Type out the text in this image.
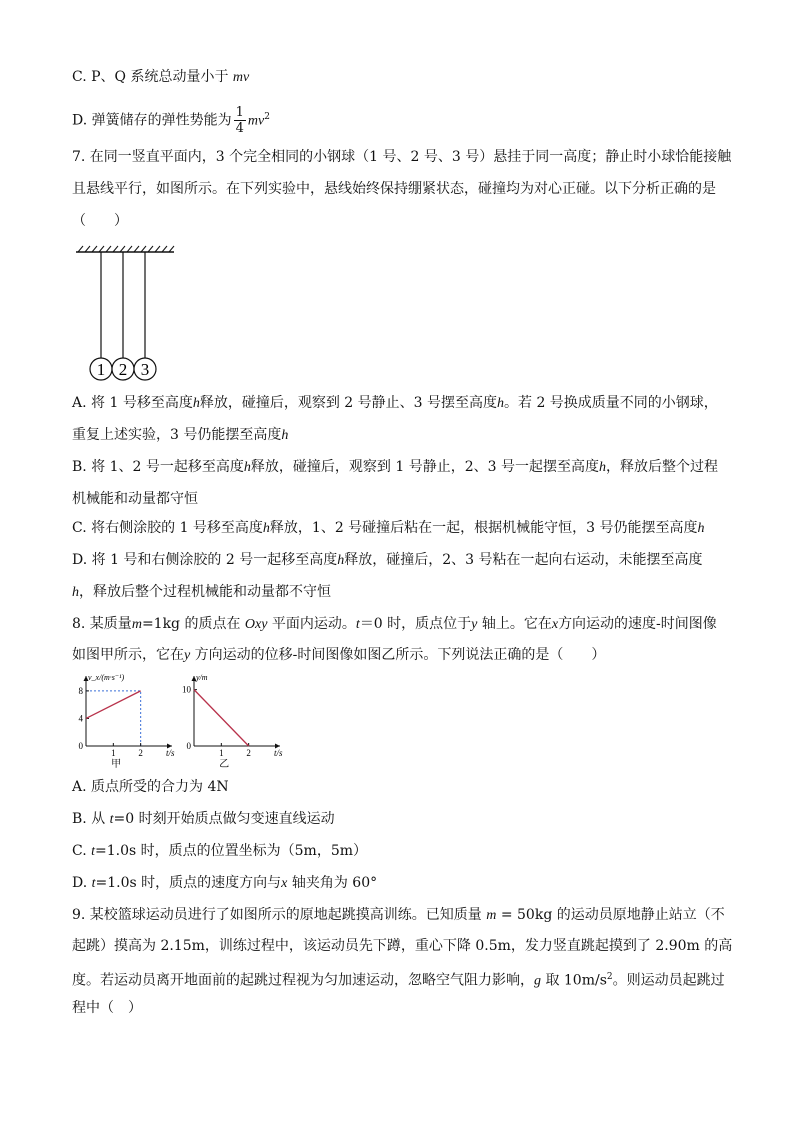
C. P、Q 系统总动量小于 mv
D. 弹簧储存的弹性势能为 $\frac{1}{4} mv^2$
7. 在同一竖直平面内，3 个完全相同的小钢球（1 号、2 号、3 号）悬挂于同一高度；静止时小球恰能接触
且悬线平行，如图所示。在下列实验中，悬线始终保持绷紧状态，碰撞均为对心正碰。以下分析正确的是
（　　）
1 2 3
A. 将 1 号移至高度h释放，碰撞后，观察到 2 号静止、3 号摆至高度h。若 2 号换成质量不同的小钢球，
重复上述实验，3 号仍能摆至高度h
B. 将 1、2 号一起移至高度h释放，碰撞后，观察到 1 号静止，2、3 号一起摆至高度h，释放后整个过程
机械能和动量都守恒
C. 将右侧涂胶的 1 号移至高度h释放，1、2 号碰撞后粘在一起，根据机械能守恒，3 号仍能摆至高度h
D. 将 1 号和右侧涂胶的 2 号一起移至高度h释放，碰撞后，2、3 号粘在一起向右运动，未能摆至高度
h，释放后整个过程机械能和动量都不守恒
8. 某质量m=1kg 的质点在 Oxy 平面内运动。t＝0 时，质点位于y 轴上。它在x方向运动的速度-时间图像
如图甲所示，它在y 方向运动的位移-时间图像如图乙所示。下列说法正确的是（　　）
1	2
4
8
0
v_x/(m·s⁻¹)
t/s
甲
1	2
10
0
y/m
t/s
乙
A. 质点所受的合力为 4N
B. 从 t=0 时刻开始质点做匀变速直线运动
C. t=1.0s 时，质点的位置坐标为（5m，5m）
D. t=1.0s 时，质点的速度方向与x 轴夹角为 60°
9. 某校篮球运动员进行了如图所示的原地起跳摸高训练。已知质量 m = 50kg 的运动员原地静止站立（不
起跳）摸高为 2.15m，训练过程中，该运动员先下蹲，重心下降 0.5m，发力竖直跳起摸到了 2.90m 的高
度。若运动员离开地面前的起跳过程视为匀加速运动，忽略空气阻力影响，g 取 $10m/s^2$。则运动员起跳过
程中（　）
